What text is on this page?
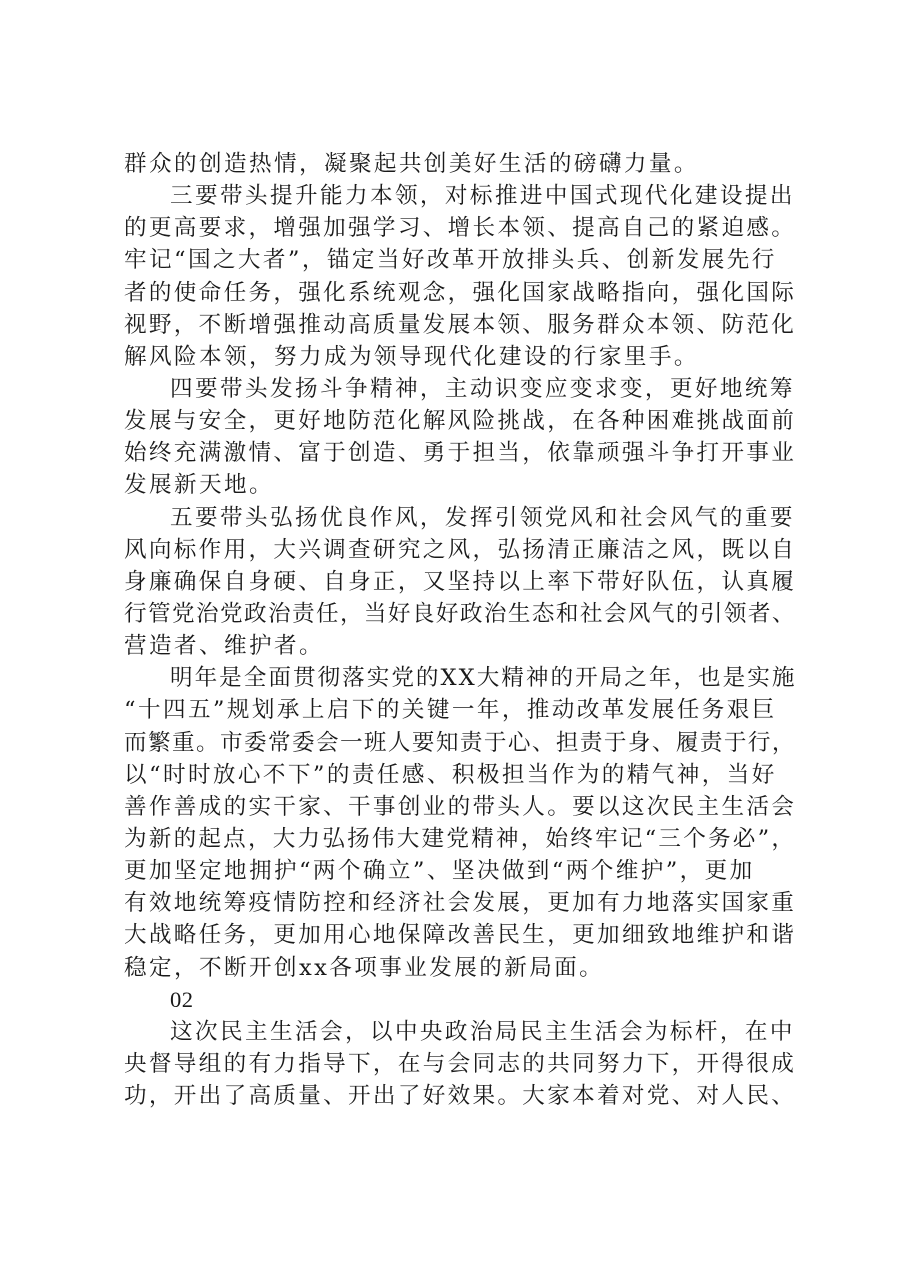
群众的创造热情，凝聚起共创美好生活的磅礴力量。
三要带头提升能力本领，对标推进中国式现代化建设提出
的更高要求，增强加强学习、增长本领、提高自己的紧迫感。
牢记“国之大者”，锚定当好改革开放排头兵、创新发展先行
者的使命任务，强化系统观念，强化国家战略指向，强化国际
视野，不断增强推动高质量发展本领、服务群众本领、防范化
解风险本领，努力成为领导现代化建设的行家里手。
四要带头发扬斗争精神，主动识变应变求变，更好地统筹
发展与安全，更好地防范化解风险挑战，在各种困难挑战面前
始终充满激情、富于创造、勇于担当，依靠顽强斗争打开事业
发展新天地。
五要带头弘扬优良作风，发挥引领党风和社会风气的重要
风向标作用，大兴调查研究之风，弘扬清正廉洁之风，既以自
身廉确保自身硬、自身正，又坚持以上率下带好队伍，认真履
行管党治党政治责任，当好良好政治生态和社会风气的引领者、
营造者、维护者。
明年是全面贯彻落实党的XX大精神的开局之年，也是实施
“十四五”规划承上启下的关键一年，推动改革发展任务艰巨
而繁重。市委常委会一班人要知责于心、担责于身、履责于行，
以“时时放心不下”的责任感、积极担当作为的精气神，当好
善作善成的实干家、干事创业的带头人。要以这次民主生活会
为新的起点，大力弘扬伟大建党精神，始终牢记“三个务必”，
更加坚定地拥护“两个确立”、坚决做到“两个维护”，更加
有效地统筹疫情防控和经济社会发展，更加有力地落实国家重
大战略任务，更加用心地保障改善民生，更加细致地维护和谐
稳定，不断开创xx各项事业发展的新局面。
02
这次民主生活会，以中央政治局民主生活会为标杆，在中
央督导组的有力指导下，在与会同志的共同努力下，开得很成
功，开出了高质量、开出了好效果。大家本着对党、对人民、
